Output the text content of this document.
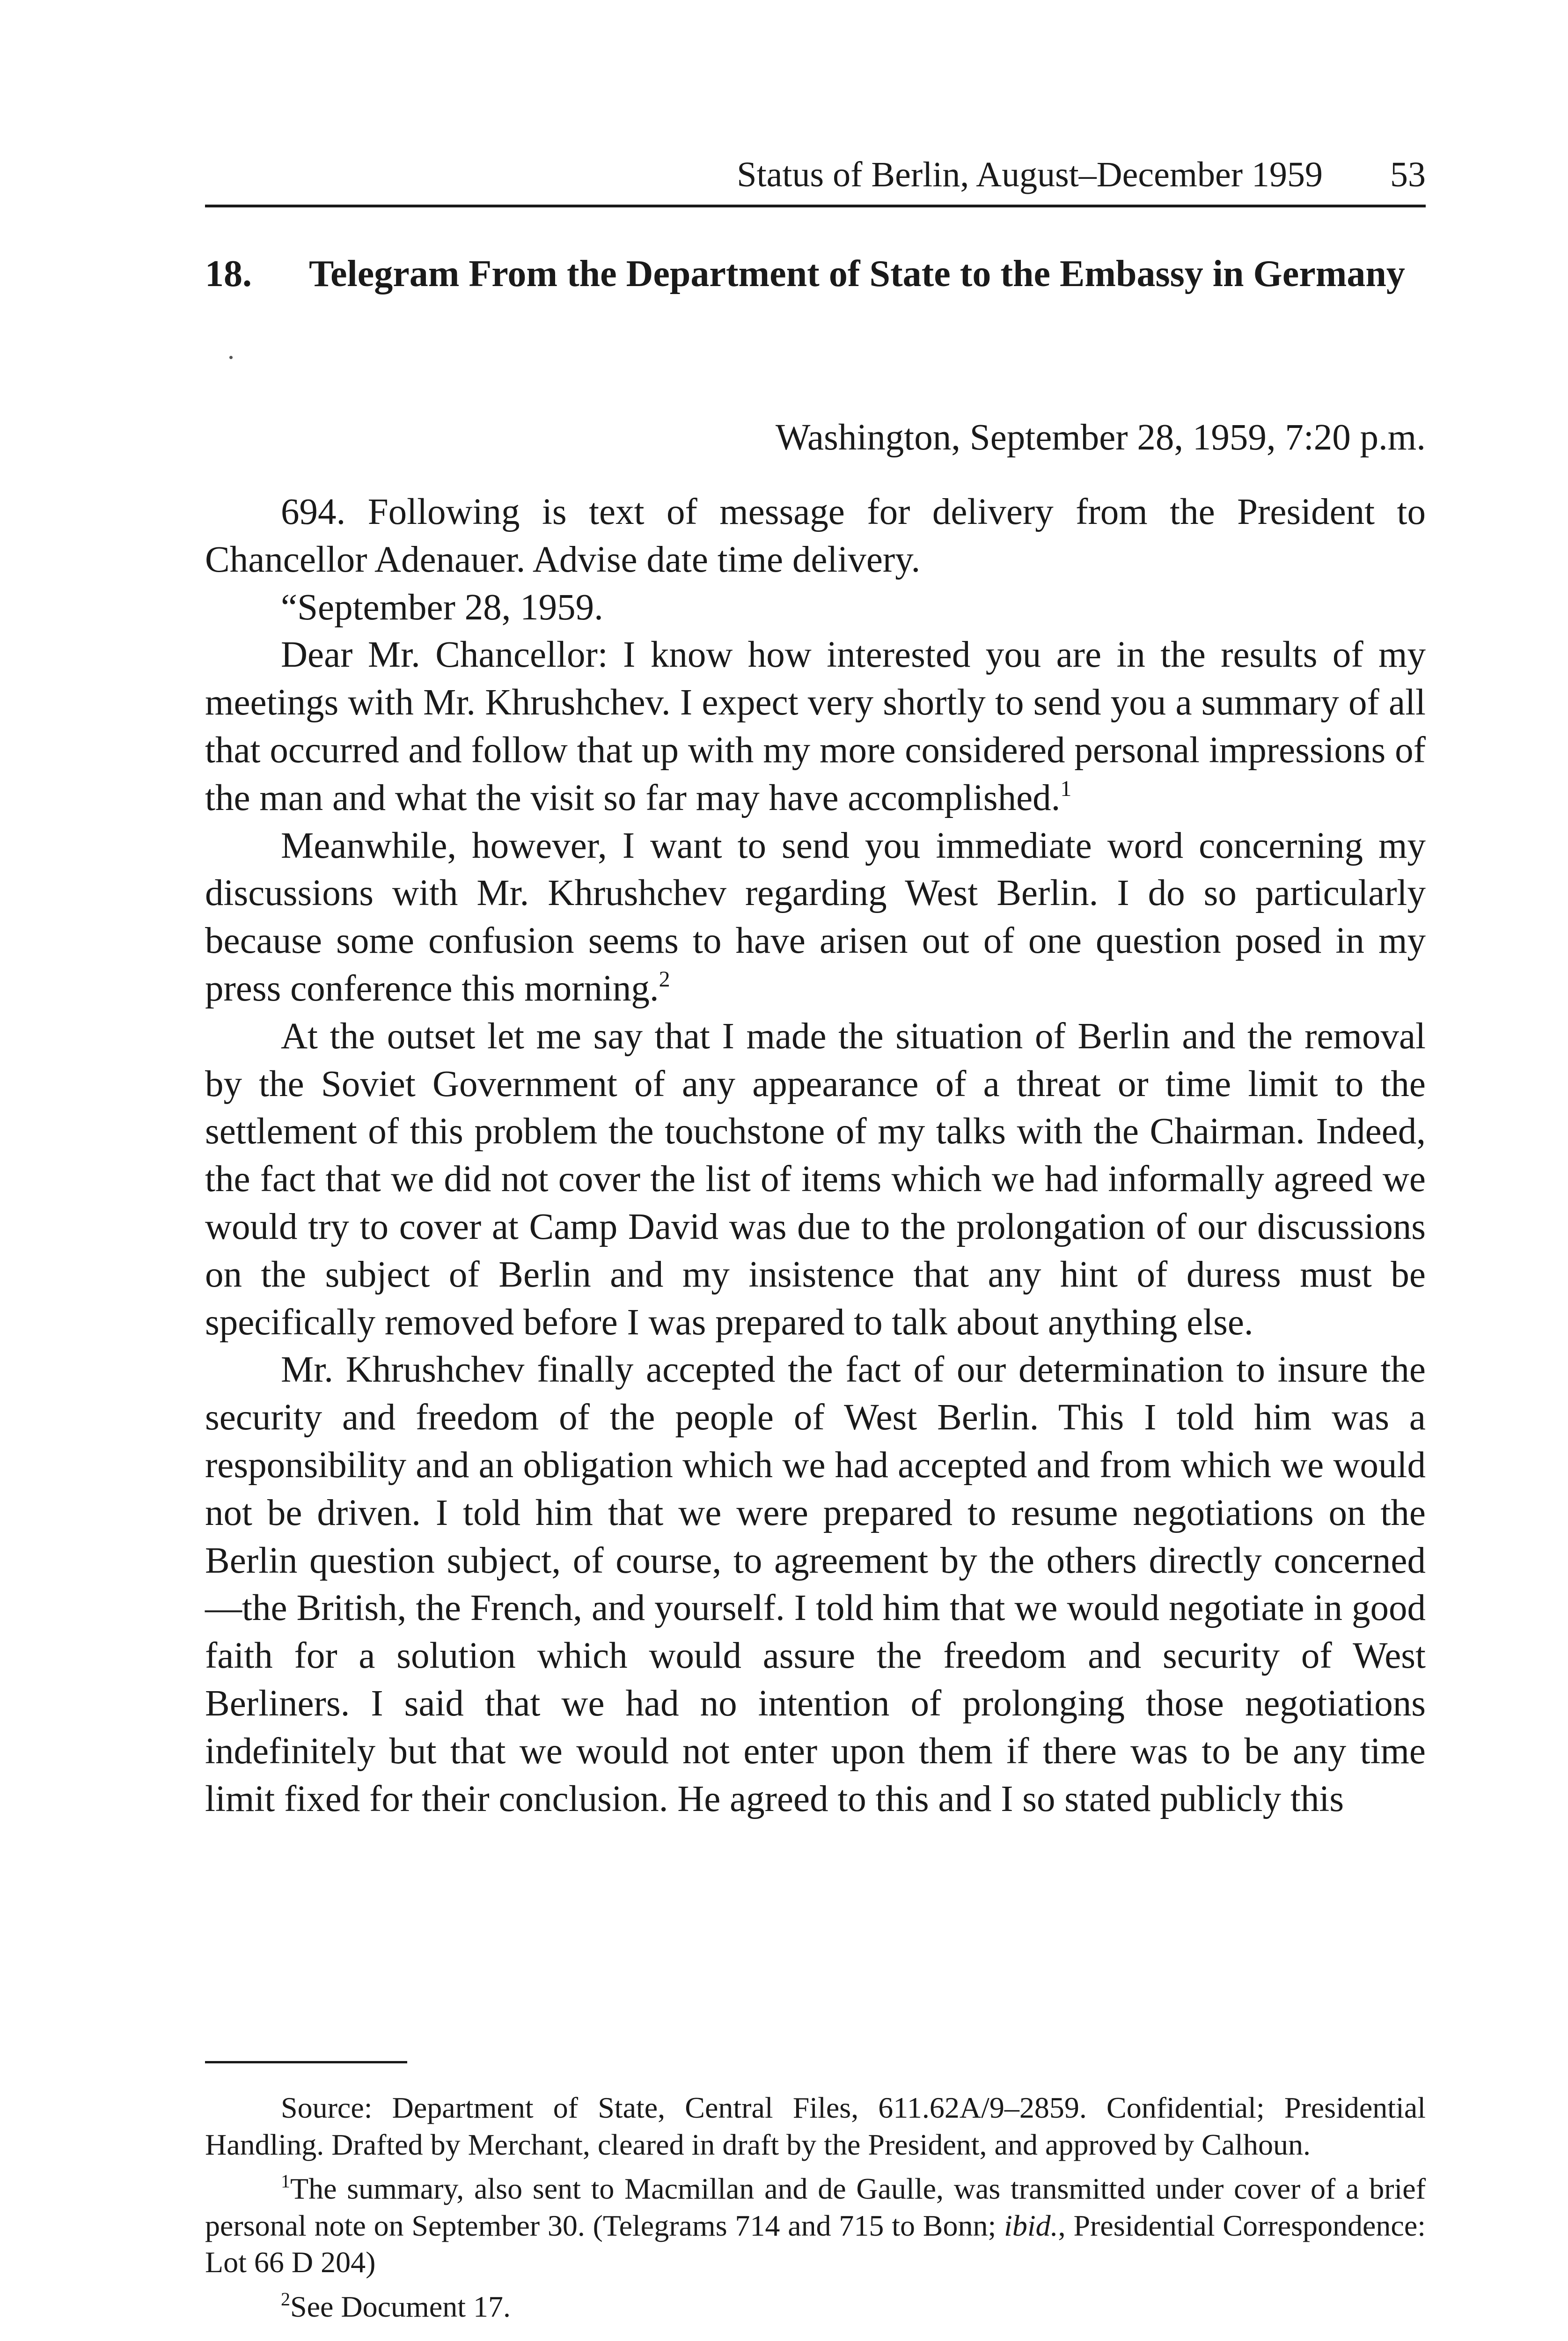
Status of Berlin, August–December 1959 53
18. Telegram From the Department of State to the Embassy in Germany
Washington, September 28, 1959, 7:20 p.m.

694. Following is text of message for delivery from the President to Chancellor Adenauer. Advise date time delivery.

“September 28, 1959.

Dear Mr. Chancellor: I know how interested you are in the results of my meetings with Mr. Khrushchev. I expect very shortly to send you a summary of all that occurred and follow that up with my more considered personal impressions of the man and what the visit so far may have accomplished.$^1$

Meanwhile, however, I want to send you immediate word concerning my discussions with Mr. Khrushchev regarding West Berlin. I do so particularly because some confusion seems to have arisen out of one question posed in my press conference this morning.$^2$

At the outset let me say that I made the situation of Berlin and the removal by the Soviet Government of any appearance of a threat or time limit to the settlement of this problem the touchstone of my talks with the Chairman. Indeed, the fact that we did not cover the list of items which we had informally agreed we would try to cover at Camp David was due to the prolongation of our discussions on the subject of Berlin and my insistence that any hint of duress must be specifically removed before I was prepared to talk about anything else.

Mr. Khrushchev finally accepted the fact of our determination to insure the security and freedom of the people of West Berlin. This I told him was a responsibility and an obligation which we had accepted and from which we would not be driven. I told him that we were prepared to resume negotiations on the Berlin question subject, of course, to agreement by the others directly concerned—the British, the French, and yourself. I told him that we would negotiate in good faith for a solution which would assure the freedom and security of West Berliners. I said that we had no intention of prolonging those negotiations indefinitely but that we would not enter upon them if there was to be any time limit fixed for their conclusion. He agreed to this and I so stated publicly this

Source: Department of State, Central Files, 611.62A/9–2859. Confidential; Presidential Handling. Drafted by Merchant, cleared in draft by the President, and approved by Calhoun.

$^1$The summary, also sent to Macmillan and de Gaulle, was transmitted under cover of a brief personal note on September 30. (Telegrams 714 and 715 to Bonn; ibid., Presidential Correspondence: Lot 66 D 204)

$^2$See Document 17.
